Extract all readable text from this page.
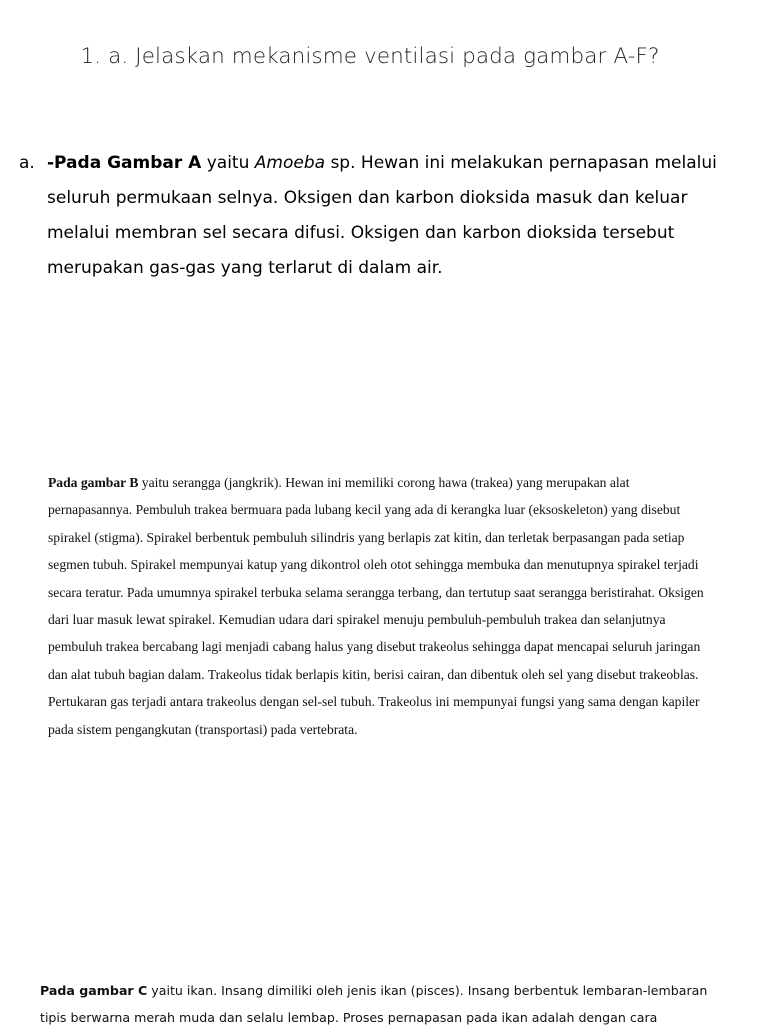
1. a. Jelaskan mekanisme ventilasi pada gambar A-F?
a. -Pada Gambar A yaitu Amoeba sp. Hewan ini melakukan pernapasan melalui seluruh permukaan selnya. Oksigen dan karbon dioksida masuk dan keluar melalui membran sel secara difusi. Oksigen dan karbon dioksida tersebut merupakan gas-gas yang terlarut di dalam air.
Pada gambar B yaitu serangga (jangkrik). Hewan ini memiliki corong hawa (trakea) yang merupakan alat pernapasannya. Pembuluh trakea bermuara pada lubang kecil yang ada di kerangka luar (eksoskeleton) yang disebut spirakel (stigma). Spirakel berbentuk pembuluh silindris yang berlapis zat kitin, dan terletak berpasangan pada setiap segmen tubuh. Spirakel mempunyai katup yang dikontrol oleh otot sehingga membuka dan menutupnya spirakel terjadi secara teratur. Pada umumnya spirakel terbuka selama serangga terbang, dan tertutup saat serangga beristirahat. Oksigen dari luar masuk lewat spirakel. Kemudian udara dari spirakel menuju pembuluh-pembuluh trakea dan selanjutnya pembuluh trakea bercabang lagi menjadi cabang halus yang disebut trakeolus sehingga dapat mencapai seluruh jaringan dan alat tubuh bagian dalam. Trakeolus tidak berlapis kitin, berisi cairan, dan dibentuk oleh sel yang disebut trakeoblas. Pertukaran gas terjadi antara trakeolus dengan sel-sel tubuh. Trakeolus ini mempunyai fungsi yang sama dengan kapiler pada sistem pengangkutan (transportasi) pada vertebrata.
Pada gambar C yaitu ikan. Insang dimiliki oleh jenis ikan (pisces). Insang berbentuk lembaran-lembaran tipis berwarna merah muda dan selalu lembap. Proses pernapasan pada ikan adalah dengan cara
